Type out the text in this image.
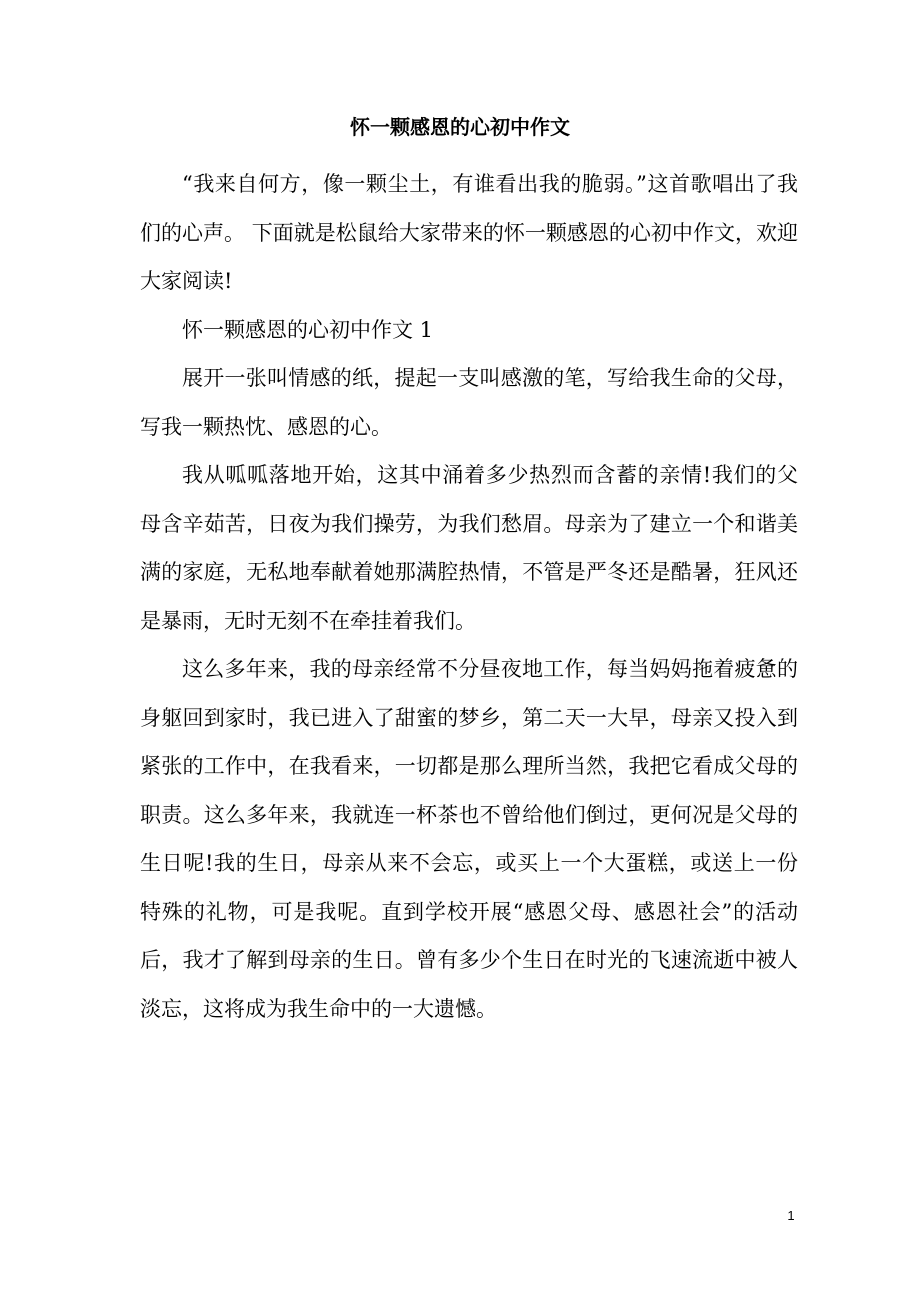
怀一颗感恩的心初中作文

“我来自何方，像一颗尘土，有谁看出我的脆弱。”这首歌唱出了我们的心声。 下面就是松鼠给大家带来的怀一颗感恩的心初中作文，欢迎大家阅读!

怀一颗感恩的心初中作文 1

展开一张叫情感的纸，提起一支叫感激的笔，写给我生命的父母，写我一颗热忱、感恩的心。

我从呱呱落地开始，这其中涌着多少热烈而含蓄的亲情!我们的父母含辛茹苦，日夜为我们操劳，为我们愁眉。母亲为了建立一个和谐美满的家庭，无私地奉献着她那满腔热情，不管是严冬还是酷暑，狂风还是暴雨，无时无刻不在牵挂着我们。

这么多年来，我的母亲经常不分昼夜地工作，每当妈妈拖着疲惫的身躯回到家时，我已进入了甜蜜的梦乡，第二天一大早，母亲又投入到紧张的工作中，在我看来，一切都是那么理所当然，我把它看成父母的职责。这么多年来，我就连一杯茶也不曾给他们倒过，更何况是父母的生日呢!我的生日，母亲从来不会忘，或买上一个大蛋糕，或送上一份特殊的礼物，可是我呢。直到学校开展“感恩父母、感恩社会”的活动后，我才了解到母亲的生日。曾有多少个生日在时光的飞速流逝中被人淡忘，这将成为我生命中的一大遗憾。

1
